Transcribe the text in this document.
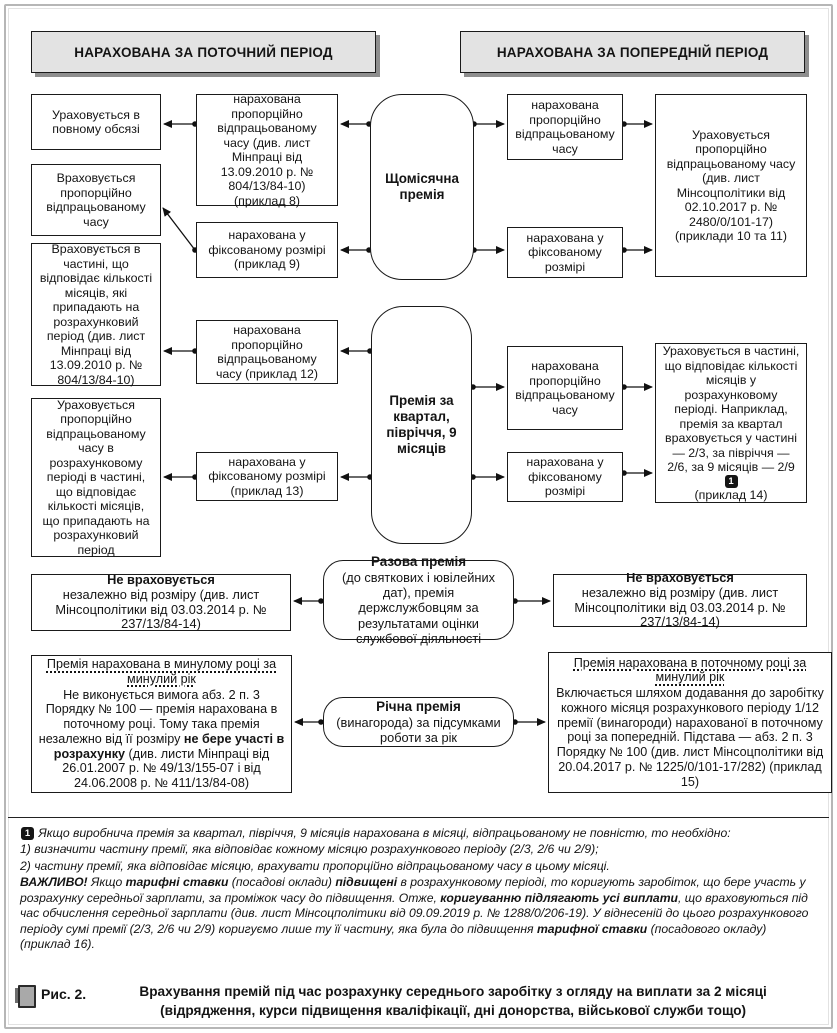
НАРАХОВАНА ЗА ПОТОЧНИЙ ПЕРІОД	НАРАХОВАНА ЗА ПОПЕРЕДНІЙ ПЕРІОД
Ураховується в повному обсязі
Враховується пропорційно відпрацьованому часу
Враховується в частині, що відповідає кількості місяців, які припадають на розрахунковий період (див. лист Мінпраці від 13.09.2010 р. № 804/13/84-10)
Ураховується пропорційно відпрацьованому часу в розрахунковому періоді в частині, що відповідає кількості місяців, що припадають на розрахунковий період
нарахована пропорційно відпрацьованому часу (див. лист Мінпраці від 13.09.2010 р. № 804/13/84-10) (приклад 8)
нарахована у фіксованому розмірі (приклад 9)
нарахована пропорційно відпрацьованому часу (приклад 12)
нарахована у фіксованому розмірі (приклад 13)
Щомісячна премія
Премія за квартал, півріччя, 9 місяців
Разова премія
(до святкових і ювілейних дат), премія держслужбовцям за результатами оцінки службової діяльності
Річна премія
(винагорода) за підсумками роботи за рік
нарахована пропорційно відпрацьованому часу
нарахована у фіксованому розмірі
нарахована пропорційно відпрацьованому часу
нарахована у фіксованому розмірі
Ураховується пропорційно відпрацьованому часу (див. лист Мінсоцполітики від 02.10.2017 р. № 2480/0/101-17) (приклади 10 та 11)
Ураховується в частині, що відповідає кількості місяців у розрахунковому періоді. Наприклад, премія за квартал враховується у частині — 2/3, за півріччя — 2/6, за 9 місяців — 2/9
1
(приклад 14)
Не враховується
незалежно від розміру (див. лист Мінсоцполітики від 03.03.2014 р. № 237/13/84-14)
Не враховується
незалежно від розміру (див. лист Мінсоцполітики від 03.03.2014 р. № 237/13/84-14)
Премія нарахована в минулому році за минулий рік
Не виконується вимога абз. 2 п. 3 Порядку № 100 — премія нарахована в поточному році. Тому така премія незалежно від її розміру не бере участі в розрахунку (див. листи Мінпраці від 26.01.2007 р. № 49/13/155-07 і від 24.06.2008 р. № 411/13/84-08)
Премія нарахована в поточному році за минулий рік
Включається шляхом додавання до заробітку кожного місяця розрахункового періоду 1/12 премії (винагороди) нарахованої в поточному році за попередній. Підстава — абз. 2 п. 3 Порядку № 100 (див. лист Мінсоцполітики від 20.04.2017 р. № 1225/0/101-17/282) (приклад 15)
1 Якщо виробнича премія за квартал, півріччя, 9 місяців нарахована в місяці, відпрацьованому не повністю, то необхідно:
1) визначити частину премії, яка відповідає кожному місяцю розрахункового періоду (2/3, 2/6 чи 2/9);
2) частину премії, яка відповідає місяцю, врахувати пропорційно відпрацьованому часу в цьому місяці.
ВАЖЛИВО! Якщо тарифні ставки (посадові оклади) підвищені в розрахунковому періоді, то коригують заробіток, що бере участь у розрахунку середньої зарплати, за проміжок часу до підвищення. Отже, коригуванню підлягають усі виплати, що враховуються під час обчислення середньої зарплати (див. лист Мінсоцполітики від 09.09.2019 р. № 1288/0/206-19). У віднесеній до цього розрахункового періоду сумі премії (2/3, 2/6 чи 2/9) коригуємо лише ту її частину, яка була до підвищення тарифної ставки (посадового окладу) (приклад 16).
Рис. 2.	Врахування премій під час розрахунку середнього заробітку з огляду на виплати за 2 місяці (відрядження, курси підвищення кваліфікації, дні донорства, військової служби тощо)
